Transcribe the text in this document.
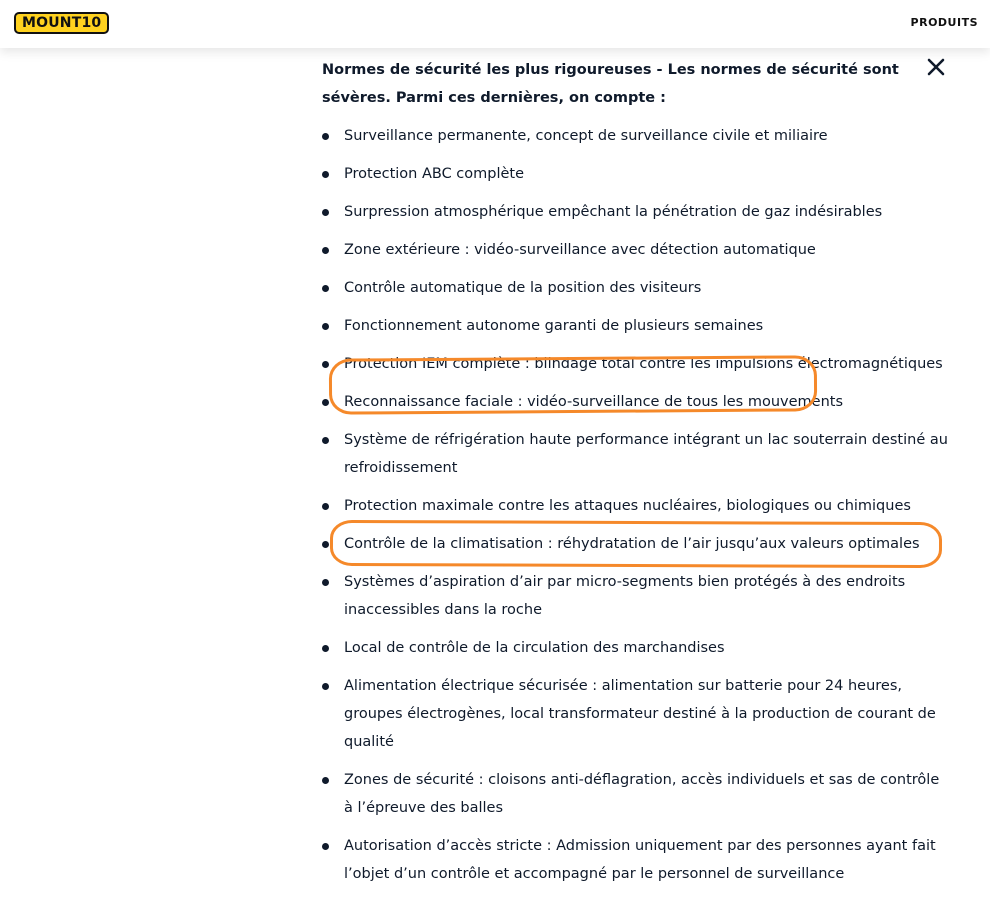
MOUNT10	PRODUITS

Normes de sécurité les plus rigoureuses - Les normes de sécurité sont sévères. Parmi ces dernières, on compte :

Surveillance permanente, concept de surveillance civile et miliaire
Protection ABC complète
Surpression atmosphérique empêchant la pénétration de gaz indésirables
Zone extérieure : vidéo-surveillance avec détection automatique
Contrôle automatique de la position des visiteurs
Fonctionnement autonome garanti de plusieurs semaines
Protection IEM complète : blindage total contre les impulsions électromagnétiques
Reconnaissance faciale : vidéo-surveillance de tous les mouvements
Système de réfrigération haute performance intégrant un lac souterrain destiné au refroidissement
Protection maximale contre les attaques nucléaires, biologiques ou chimiques
Contrôle de la climatisation : réhydratation de l’air jusqu’aux valeurs optimales
Systèmes d’aspiration d’air par micro-segments bien protégés à des endroits inaccessibles dans la roche
Local de contrôle de la circulation des marchandises
Alimentation électrique sécurisée : alimentation sur batterie pour 24 heures, groupes électrogènes, local transformateur destiné à la production de courant de qualité
Zones de sécurité : cloisons anti-déflagration, accès individuels et sas de contrôle à l’épreuve des balles
Autorisation d’accès stricte : Admission uniquement par des personnes ayant fait l’objet d’un contrôle et accompagné par le personnel de surveillance
